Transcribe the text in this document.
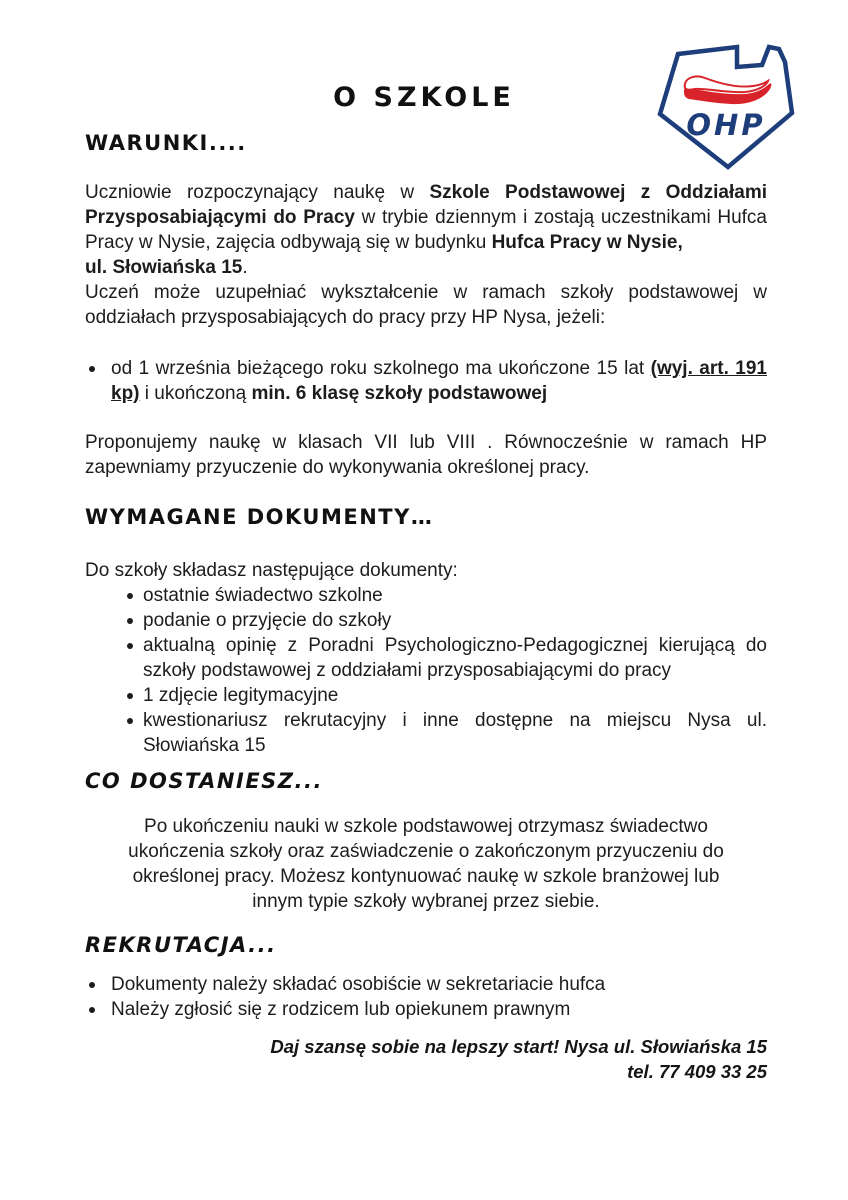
O SZKOLE
OHP
WARUNKI....

Uczniowie rozpoczynający naukę w Szkole Podstawowej z Oddziałami Przysposabiającymi do Pracy w trybie dziennym i zostają uczestnikami Hufca Pracy w Nysie, zajęcia odbywają się w budynku Hufca Pracy w Nysie,
ul. Słowiańska 15.

Uczeń może uzupełniać wykształcenie w ramach szkoły podstawowej w oddziałach przysposabiających do pracy przy HP Nysa, jeżeli:

od 1 września bieżącego roku szkolnego ma ukończone 15 lat (wyj. art. 191 kp) i ukończoną min. 6 klasę szkoły podstawowej

Proponujemy naukę w klasach VII lub VIII . Równocześnie w ramach HP zapewniamy przyuczenie do wykonywania określonej pracy.

WYMAGANE DOKUMENTY…

Do szkoły składasz następujące dokumenty:

ostatnie świadectwo szkolne
podanie o przyjęcie do szkoły
aktualną opinię z Poradni Psychologiczno-Pedagogicznej kierującą do szkoły podstawowej z oddziałami przysposabiającymi do pracy
1 zdjęcie legitymacyjne
kwestionariusz rekrutacyjny i inne dostępne na miejscu Nysa ul. Słowiańska 15
CO DOSTANIESZ...

Po ukończeniu nauki w szkole podstawowej otrzymasz świadectwo ukończenia szkoły oraz zaświadczenie o zakończonym przyuczeniu do określonej pracy. Możesz kontynuować naukę w szkole branżowej lub innym typie szkoły wybranej przez siebie.

REKRUTACJA...
Dokumenty należy składać osobiście w sekretariacie hufca
Należy zgłosić się z rodzicem lub opiekunem prawnym
Daj szansę sobie na lepszy start! Nysa ul. Słowiańska 15
tel. 77 409 33 25
